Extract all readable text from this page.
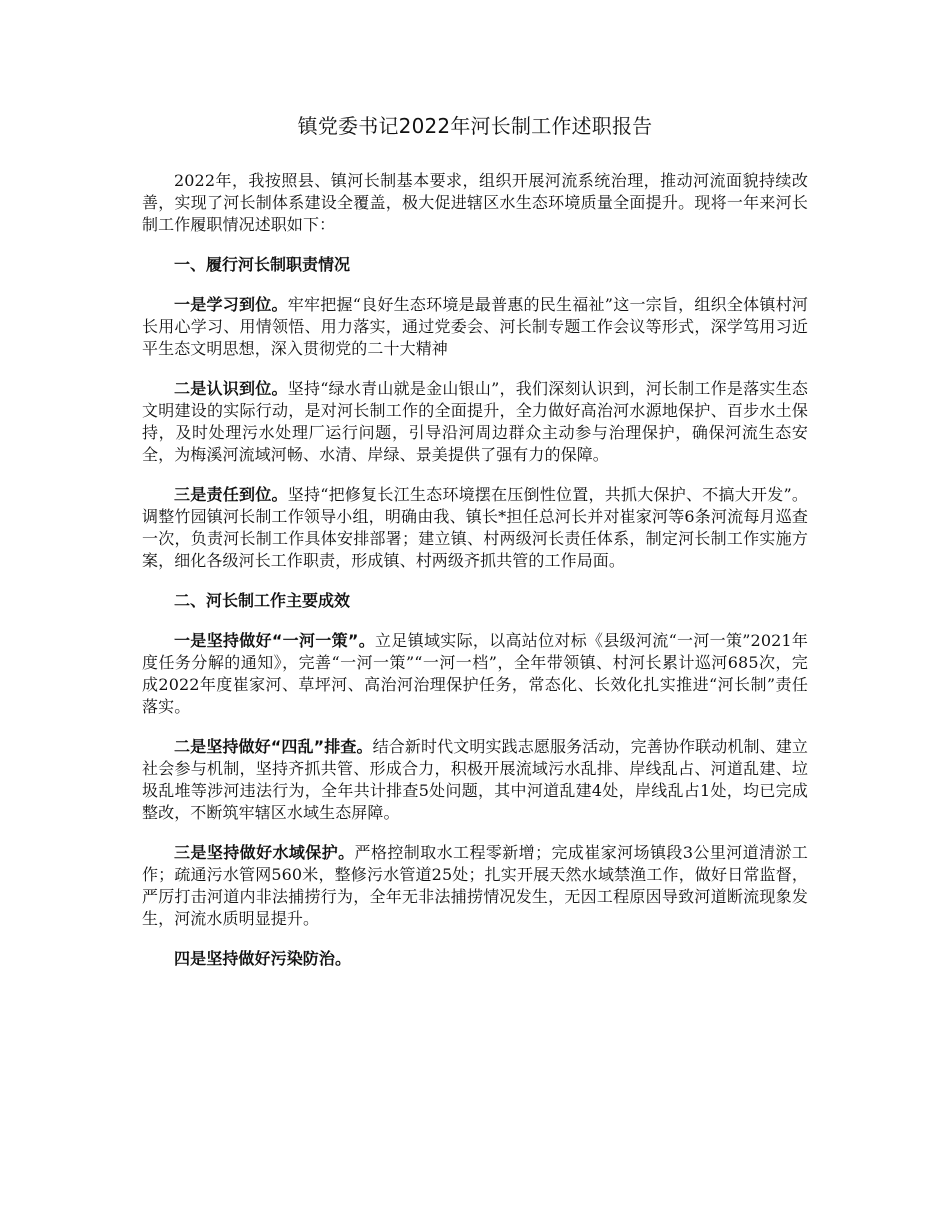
镇党委书记2022年河长制工作述职报告

2022年，我按照县、镇河长制基本要求，组织开展河流系统治理，推动河流面貌持续改善，实现了河长制体系建设全覆盖，极大促进辖区水生态环境质量全面提升。现将一年来河长制工作履职情况述职如下：

一、履行河长制职责情况

一是学习到位。牢牢把握“良好生态环境是最普惠的民生福祉”这一宗旨，组织全体镇村河长用心学习、用情领悟、用力落实，通过党委会、河长制专题工作会议等形式，深学笃用习近平生态文明思想，深入贯彻党的二十大精神

二是认识到位。坚持“绿水青山就是金山银山”，我们深刻认识到，河长制工作是落实生态文明建设的实际行动，是对河长制工作的全面提升，全力做好高治河水源地保护、百步水土保持，及时处理污水处理厂运行问题，引导沿河周边群众主动参与治理保护，确保河流生态安全，为梅溪河流域河畅、水清、岸绿、景美提供了强有力的保障。

三是责任到位。坚持“把修复长江生态环境摆在压倒性位置，共抓大保护、不搞大开发”。调整竹园镇河长制工作领导小组，明确由我、镇长*担任总河长并对崔家河等6条河流每月巡查一次，负责河长制工作具体安排部署；建立镇、村两级河长责任体系，制定河长制工作实施方案，细化各级河长工作职责，形成镇、村两级齐抓共管的工作局面。

二、河长制工作主要成效

一是坚持做好“一河一策”。立足镇域实际，以高站位对标《县级河流“一河一策”2021年度任务分解的通知》，完善“一河一策”“一河一档”，全年带领镇、村河长累计巡河685次，完成2022年度崔家河、草坪河、高治河治理保护任务，常态化、长效化扎实推进“河长制”责任落实。

二是坚持做好“四乱”排查。结合新时代文明实践志愿服务活动，完善协作联动机制、建立社会参与机制，坚持齐抓共管、形成合力，积极开展流域污水乱排、岸线乱占、河道乱建、垃圾乱堆等涉河违法行为，全年共计排查5处问题，其中河道乱建4处，岸线乱占1处，均已完成整改，不断筑牢辖区水域生态屏障。

三是坚持做好水域保护。严格控制取水工程零新增；完成崔家河场镇段3公里河道清淤工作；疏通污水管网560米，整修污水管道25处；扎实开展天然水域禁渔工作，做好日常监督，严厉打击河道内非法捕捞行为，全年无非法捕捞情况发生，无因工程原因导致河道断流现象发生，河流水质明显提升。

四是坚持做好污染防治。
